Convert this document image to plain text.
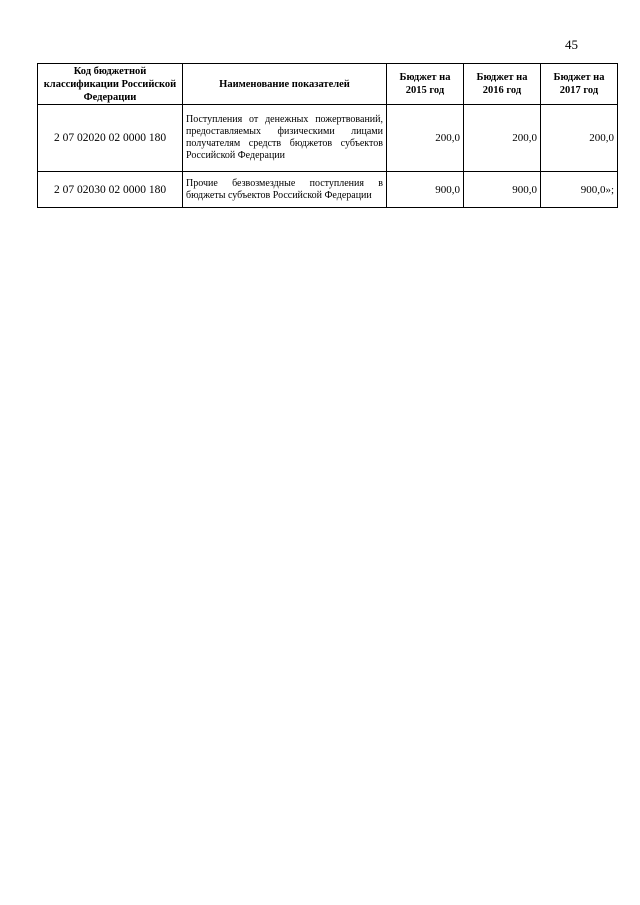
45
Код бюджетной классификации Российской Федерации	Наименование показателей	Бюджет на 2015 год	Бюджет на 2016 год	Бюджет на 2017 год
2 07 02020 02 0000 180	Поступления от денежных пожертвований, предоставляемых физическими лицами получателям средств бюджетов субъектов Российской Федерации	200,0	200,0	200,0
2 07 02030 02 0000 180	Прочие безвозмездные поступления в бюджеты субъектов Российской Федерации	900,0	900,0	900,0»;
